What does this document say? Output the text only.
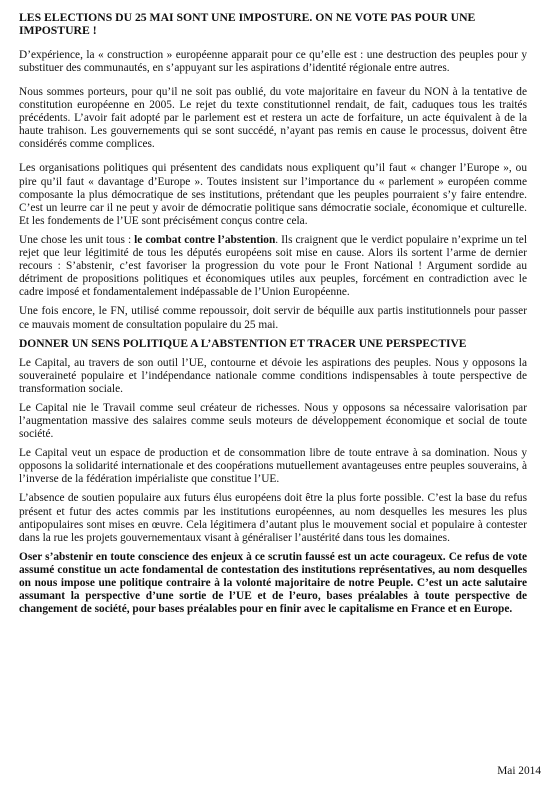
LES ELECTIONS DU 25 MAI SONT UNE IMPOSTURE. ON NE VOTE PAS POUR UNE IMPOSTURE !

D’expérience, la « construction » européenne apparait pour ce qu’elle est : une destruction des peuples pour y substituer des communautés, en s’appuyant sur les aspirations d’identité régionale entre autres.

Nous sommes porteurs, pour qu’il ne soit pas oublié, du vote majoritaire en faveur du NON à la tentative de constitution européenne en 2005. Le rejet du texte constitutionnel rendait, de fait, caduques tous les traités précédents. L’avoir fait adopté par le parlement est et restera un acte de forfaiture, un acte équivalent à de la haute trahison. Les gouvernements qui se sont succédé, n’ayant pas remis en cause le processus, doivent être considérés comme complices.

Les organisations politiques qui présentent des candidats nous expliquent qu’il faut « changer l’Europe », ou pire qu’il faut « davantage d’Europe ». Toutes insistent sur l’importance du « parlement » européen comme composante la plus démocratique de ses institutions, prétendant que les peuples pourraient s’y faire entendre. C’est un leurre car il ne peut y avoir de démocratie politique sans démocratie sociale, économique et culturelle. Et les fondements de l’UE sont précisément conçus contre cela.

Une chose les unit tous : le combat contre l’abstention. Ils craignent que le verdict populaire n’exprime un tel rejet que leur légitimité de tous les députés européens soit mise en cause. Alors ils sortent l’arme de dernier recours : S’abstenir, c’est favoriser la progression du vote pour le Front National ! Argument sordide au détriment de propositions politiques et économiques utiles aux peuples, forcément en contradiction avec le cadre imposé et fondamentalement indépassable de l’Union Européenne.

Une fois encore, le FN, utilisé comme repoussoir, doit servir de béquille aux partis institutionnels pour passer ce mauvais moment de consultation populaire du 25 mai.

DONNER UN SENS POLITIQUE A L’ABSTENTION ET TRACER UNE PERSPECTIVE

Le Capital, au travers de son outil l’UE, contourne et dévoie les aspirations des peuples. Nous y opposons la souveraineté populaire et l’indépendance nationale comme conditions indispensables à toute perspective de transformation sociale.

Le Capital nie le Travail comme seul créateur de richesses. Nous y opposons sa nécessaire valorisation par l’augmentation massive des salaires comme seuls moteurs de développement économique et social de toute société.

Le Capital veut un espace de production et de consommation libre de toute entrave à sa domination. Nous y opposons la solidarité internationale et des coopérations mutuellement avantageuses entre peuples souverains, à l’inverse de la fédération impérialiste que constitue l’UE.

L’absence de soutien populaire aux futurs élus européens doit être la plus forte possible. C’est la base du refus présent et futur des actes commis par les institutions européennes, au nom desquelles les mesures les plus antipopulaires sont mises en œuvre. Cela légitimera d’autant plus le mouvement social et populaire à contester dans la rue les projets gouvernementaux visant à généraliser l’austérité dans tous les domaines.

Oser s’abstenir en toute conscience des enjeux à ce scrutin faussé est un acte courageux. Ce refus de vote assumé constitue un acte fondamental de contestation des institutions représentatives, au nom desquelles on nous impose une politique contraire à la volonté majoritaire de notre Peuple. C’est un acte salutaire assumant la perspective d’une sortie de l’UE et de l’euro, bases préalables à toute perspective de changement de société, pour bases préalables pour en finir avec le capitalisme en France et en Europe.

Mai 2014
